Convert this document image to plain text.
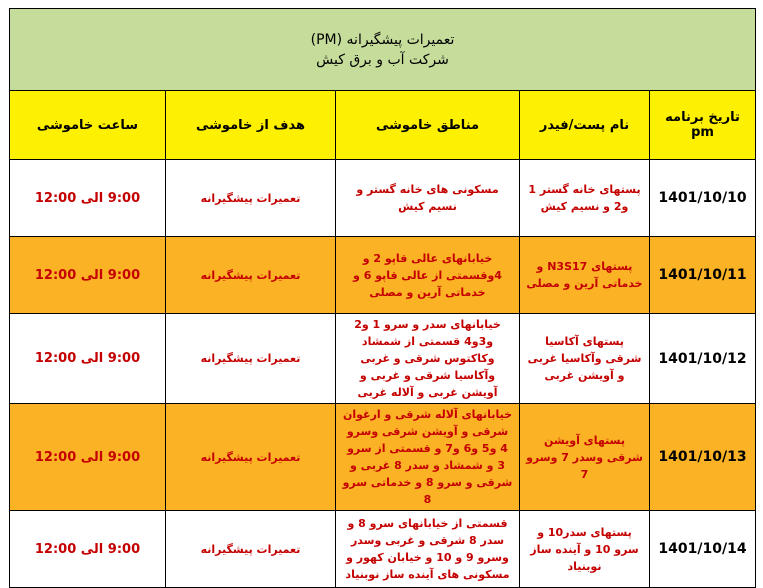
تعمیرات پیشگیرانه (PM)
شرکت آب و برق کیش				

تاریخ برنامه pm	نام پست/فیدر	مناطق خاموشی	هدف از خاموشی	ساعت خاموشی
1401/10/10	پستهای خانه گستر 1 و2 و نسیم کیش	مسکونی های خانه گستر و نسیم کیش	تعمیرات پیشگیرانه	9:00 الی 12:00
1401/10/11	پستهای N3S17 و خدماتی آرین و مصلی	خیابانهای عالی قاپو 2 و 4وقسمتی از عالی قاپو 6 و خدماتی آرین و مصلی	تعمیرات پیشگیرانه	9:00 الی 12:00
1401/10/12	پستهای آکاسیا شرقی وآکاسیا غربی و آویشن غربی	خیابانهای سدر و سرو 1 و2 و3و4 قسمتی از شمشاد وکاکتوس شرقی و غربی وآکاسیا شرقی و غربی و آویشن غربی و آلاله غربی	تعمیرات پیشگیرانه	9:00 الی 12:00
1401/10/13	پستهای آویشن شرقی وسدر 7 وسرو 7	خیابانهای آلاله شرقی و ارغوان شرقی و آویشن شرقی وسرو 4 و5 و6 و7 و قسمتی از سرو 3 و شمشاد و سدر 8 غربی و شرقی و سرو 8 و خدماتی سرو 8	تعمیرات پیشگیرانه	9:00 الی 12:00
1401/10/14	پستهای سدر10 و سرو 10 و آینده ساز نوبنیاد	قسمتی از خیابانهای سرو 8 و سدر 8 شرقی و غربی وسدر وسرو 9 و 10 و خیابان کهور و مسکونی های آینده ساز نوبنیاد	تعمیرات پیشگیرانه	9:00 الی 12:00
